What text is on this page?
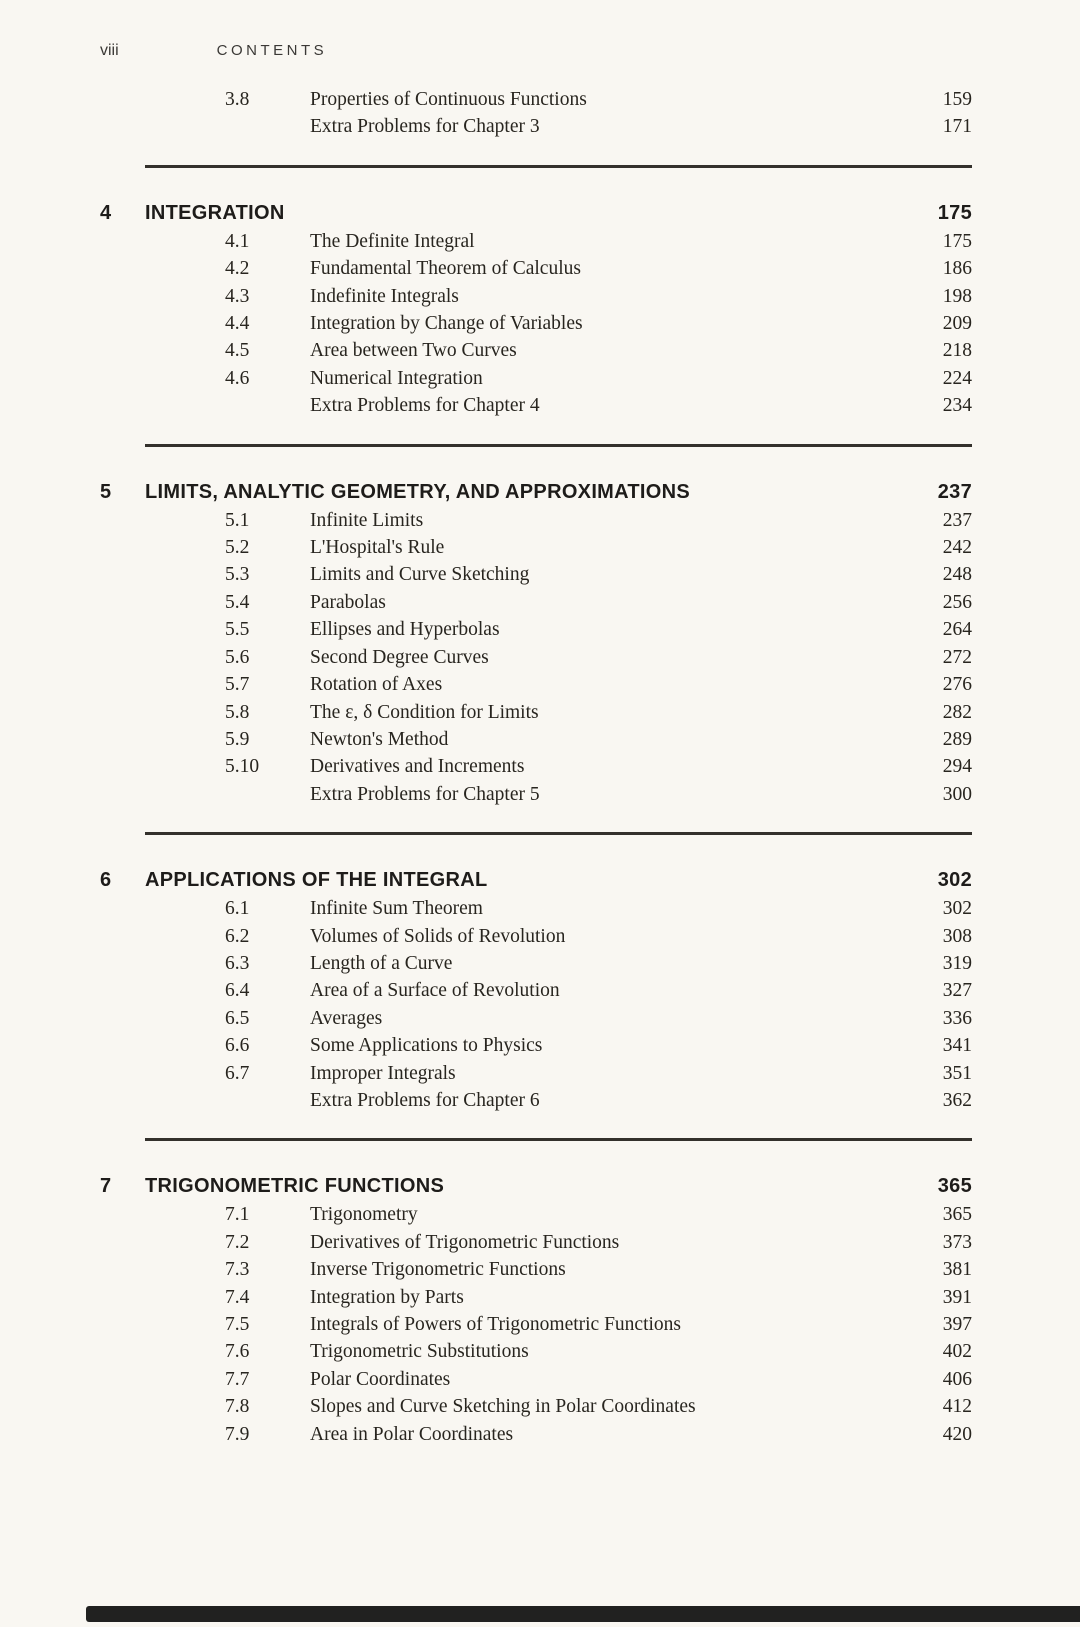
viii	CONTENTS
3.8	Properties of Continuous Functions	159
Extra Problems for Chapter 3	171
4	INTEGRATION	175
4.1	The Definite Integral	175
4.2	Fundamental Theorem of Calculus	186
4.3	Indefinite Integrals	198
4.4	Integration by Change of Variables	209
4.5	Area between Two Curves	218
4.6	Numerical Integration	224
Extra Problems for Chapter 4	234
5	LIMITS, ANALYTIC GEOMETRY, AND APPROXIMATIONS	237
5.1	Infinite Limits	237
5.2	L'Hospital's Rule	242
5.3	Limits and Curve Sketching	248
5.4	Parabolas	256
5.5	Ellipses and Hyperbolas	264
5.6	Second Degree Curves	272
5.7	Rotation of Axes	276
5.8	The ε, δ Condition for Limits	282
5.9	Newton's Method	289
5.10	Derivatives and Increments	294
Extra Problems for Chapter 5	300
6	APPLICATIONS OF THE INTEGRAL	302
6.1	Infinite Sum Theorem	302
6.2	Volumes of Solids of Revolution	308
6.3	Length of a Curve	319
6.4	Area of a Surface of Revolution	327
6.5	Averages	336
6.6	Some Applications to Physics	341
6.7	Improper Integrals	351
Extra Problems for Chapter 6	362
7	TRIGONOMETRIC FUNCTIONS	365
7.1	Trigonometry	365
7.2	Derivatives of Trigonometric Functions	373
7.3	Inverse Trigonometric Functions	381
7.4	Integration by Parts	391
7.5	Integrals of Powers of Trigonometric Functions	397
7.6	Trigonometric Substitutions	402
7.7	Polar Coordinates	406
7.8	Slopes and Curve Sketching in Polar Coordinates	412
7.9	Area in Polar Coordinates	420
